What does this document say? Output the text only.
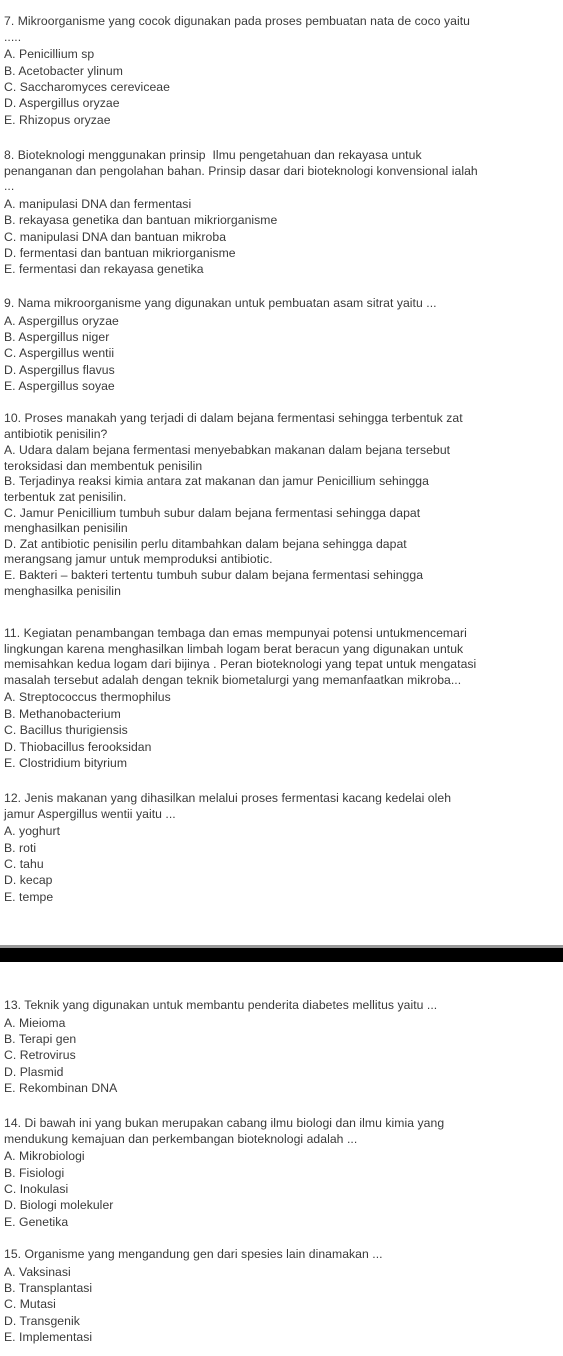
7. Mikroorganisme yang cocok digunakan pada proses pembuatan nata de coco yaitu
.....

A. Penicillium sp

B. Acetobacter ylinum

C. Saccharomyces cereviceae

D. Aspergillus oryzae

E. Rhizopus oryzae

8. Bioteknologi menggunakan prinsip  Ilmu pengetahuan dan rekayasa untuk
penanganan dan pengolahan bahan. Prinsip dasar dari bioteknologi konvensional ialah
...

A. manipulasi DNA dan fermentasi

B. rekayasa genetika dan bantuan mikriorganisme

C. manipulasi DNA dan bantuan mikroba

D. fermentasi dan bantuan mikriorganisme

E. fermentasi dan rekayasa genetika

9. Nama mikroorganisme yang digunakan untuk pembuatan asam sitrat yaitu ...

A. Aspergillus oryzae

B. Aspergillus niger

C. Aspergillus wentii

D. Aspergillus flavus

E. Aspergillus soyae

10. Proses manakah yang terjadi di dalam bejana fermentasi sehingga terbentuk zat
antibiotik penisilin?

A. Udara dalam bejana fermentasi menyebabkan makanan dalam bejana tersebut
teroksidasi dan membentuk penisilin

B. Terjadinya reaksi kimia antara zat makanan dan jamur Penicillium sehingga
terbentuk zat penisilin.

C. Jamur Penicillium tumbuh subur dalam bejana fermentasi sehingga dapat
menghasilkan penisilin

D. Zat antibiotic penisilin perlu ditambahkan dalam bejana sehingga dapat
merangsang jamur untuk memproduksi antibiotic.

E. Bakteri – bakteri tertentu tumbuh subur dalam bejana fermentasi sehingga
menghasilka penisilin

11. Kegiatan penambangan tembaga dan emas mempunyai potensi untukmencemari
lingkungan karena menghasilkan limbah logam berat beracun yang digunakan untuk
memisahkan kedua logam dari bijinya . Peran bioteknologi yang tepat untuk mengatasi
masalah tersebut adalah dengan teknik biometalurgi yang memanfaatkan mikroba...

A. Streptococcus thermophilus

B. Methanobacterium

C. Bacillus thurigiensis

D. Thiobacillus ferooksidan

E. Clostridium bityrium

12. Jenis makanan yang dihasilkan melalui proses fermentasi kacang kedelai oleh
jamur Aspergillus wentii yaitu ...

A. yoghurt

B. roti

C. tahu

D. kecap

E. tempe

13. Teknik yang digunakan untuk membantu penderita diabetes mellitus yaitu ...

A. Mieioma

B. Terapi gen

C. Retrovirus

D. Plasmid

E. Rekombinan DNA

14. Di bawah ini yang bukan merupakan cabang ilmu biologi dan ilmu kimia yang
mendukung kemajuan dan perkembangan bioteknologi adalah ...

A. Mikrobiologi

B. Fisiologi

C. Inokulasi

D. Biologi molekuler

E. Genetika

15. Organisme yang mengandung gen dari spesies lain dinamakan ...

A. Vaksinasi

B. Transplantasi

C. Mutasi

D. Transgenik

E. Implementasi
